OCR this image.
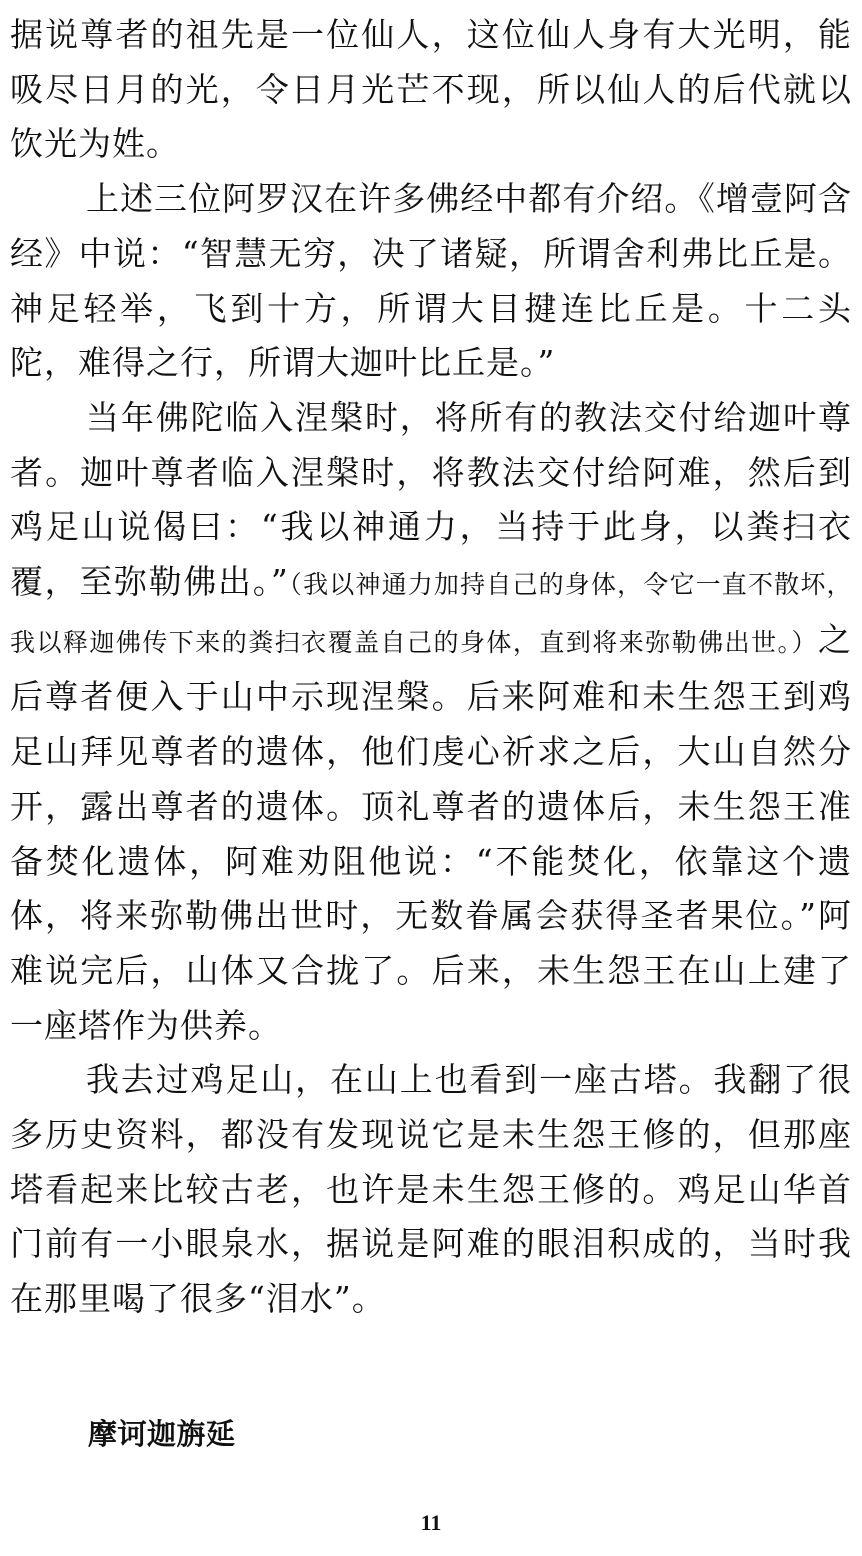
据说尊者的祖先是一位仙人，这位仙人身有大光明，能吸尽日月的光，令日月光芒不现，所以仙人的后代就以饮光为姓。

上述三位阿罗汉在许多佛经中都有介绍。《增壹阿含经》中说：“智慧无穷，决了诸疑，所谓舍利弗比丘是。神足轻举，飞到十方，所谓大目揵连比丘是。十二头陀，难得之行，所谓大迦叶比丘是。”

当年佛陀临入涅槃时，将所有的教法交付给迦叶尊者。迦叶尊者临入涅槃时，将教法交付给阿难，然后到鸡足山说偈曰：“我以神通力，当持于此身，以粪扫衣覆，至弥勒佛出。”（我以神通力加持自己的身体，令它一直不散坏，我以释迦佛传下来的粪扫衣覆盖自己的身体，直到将来弥勒佛出世。）之后尊者便入于山中示现涅槃。后来阿难和未生怨王到鸡足山拜见尊者的遗体，他们虔心祈求之后，大山自然分开，露出尊者的遗体。顶礼尊者的遗体后，未生怨王准备焚化遗体，阿难劝阻他说：“不能焚化，依靠这个遗体，将来弥勒佛出世时，无数眷属会获得圣者果位。”阿难说完后，山体又合拢了。后来，未生怨王在山上建了一座塔作为供养。

我去过鸡足山，在山上也看到一座古塔。我翻了很多历史资料，都没有发现说它是未生怨王修的，但那座塔看起来比较古老，也许是未生怨王修的。鸡足山华首门前有一小眼泉水，据说是阿难的眼泪积成的，当时我在那里喝了很多“泪水”。

摩诃迦旃延
11
